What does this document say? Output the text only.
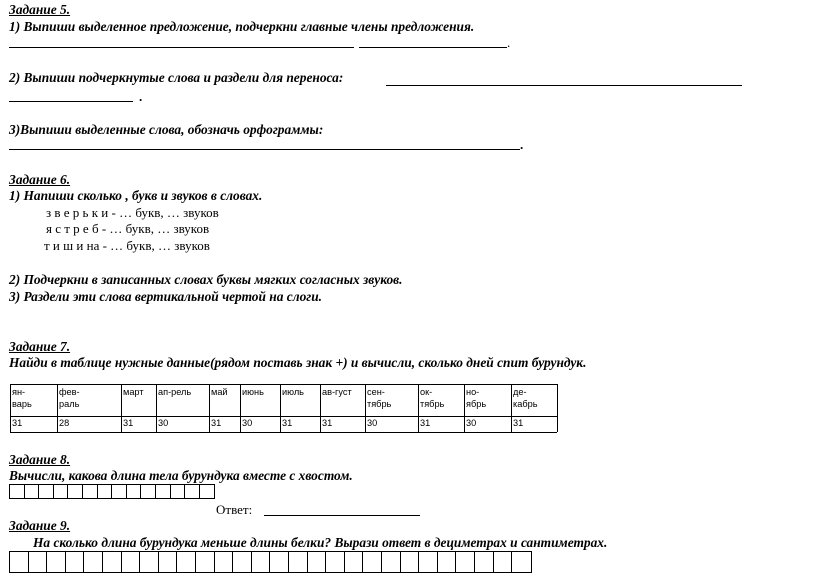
Задание 5.
1) Выпиши выделенное предложение, подчеркни главные члены предложения.
.
2) Выпиши подчеркнутые слова и раздели для переноса:
.
3)Выпиши выделенные слова, обозначь орфограммы:
.
Задание 6.
1) Напиши сколько , букв и звуков в словах.
з в е р ь к и - … букв, … звуков
я с т р е б - … букв, … звуков
т и ш и на - … букв, … звуков
2) Подчеркни в записанных словах буквы мягких согласных звуков.
3) Раздели эти слова вертикальной чертой на слоги.
Задание 7.
Найди в таблице нужные данные(рядом поставь знак +) и вычисли, сколько дней спит бурундук.
ян-
варь
31
фев-
раль
28
март
31
ап-рель
30
май
31
июнь
30
июль
31
ав-густ
31
сен-
тябрь
30
ок-
тябрь
31
но-
ябрь
30
де-
кабрь
31
Задание 8.
Вычисли, какова длина тела бурундука вместе с хвостом.
Ответ:
Задание 9.
На сколько длина бурундука меньше длины белки? Вырази ответ в дециметрах и сантиметрах.
